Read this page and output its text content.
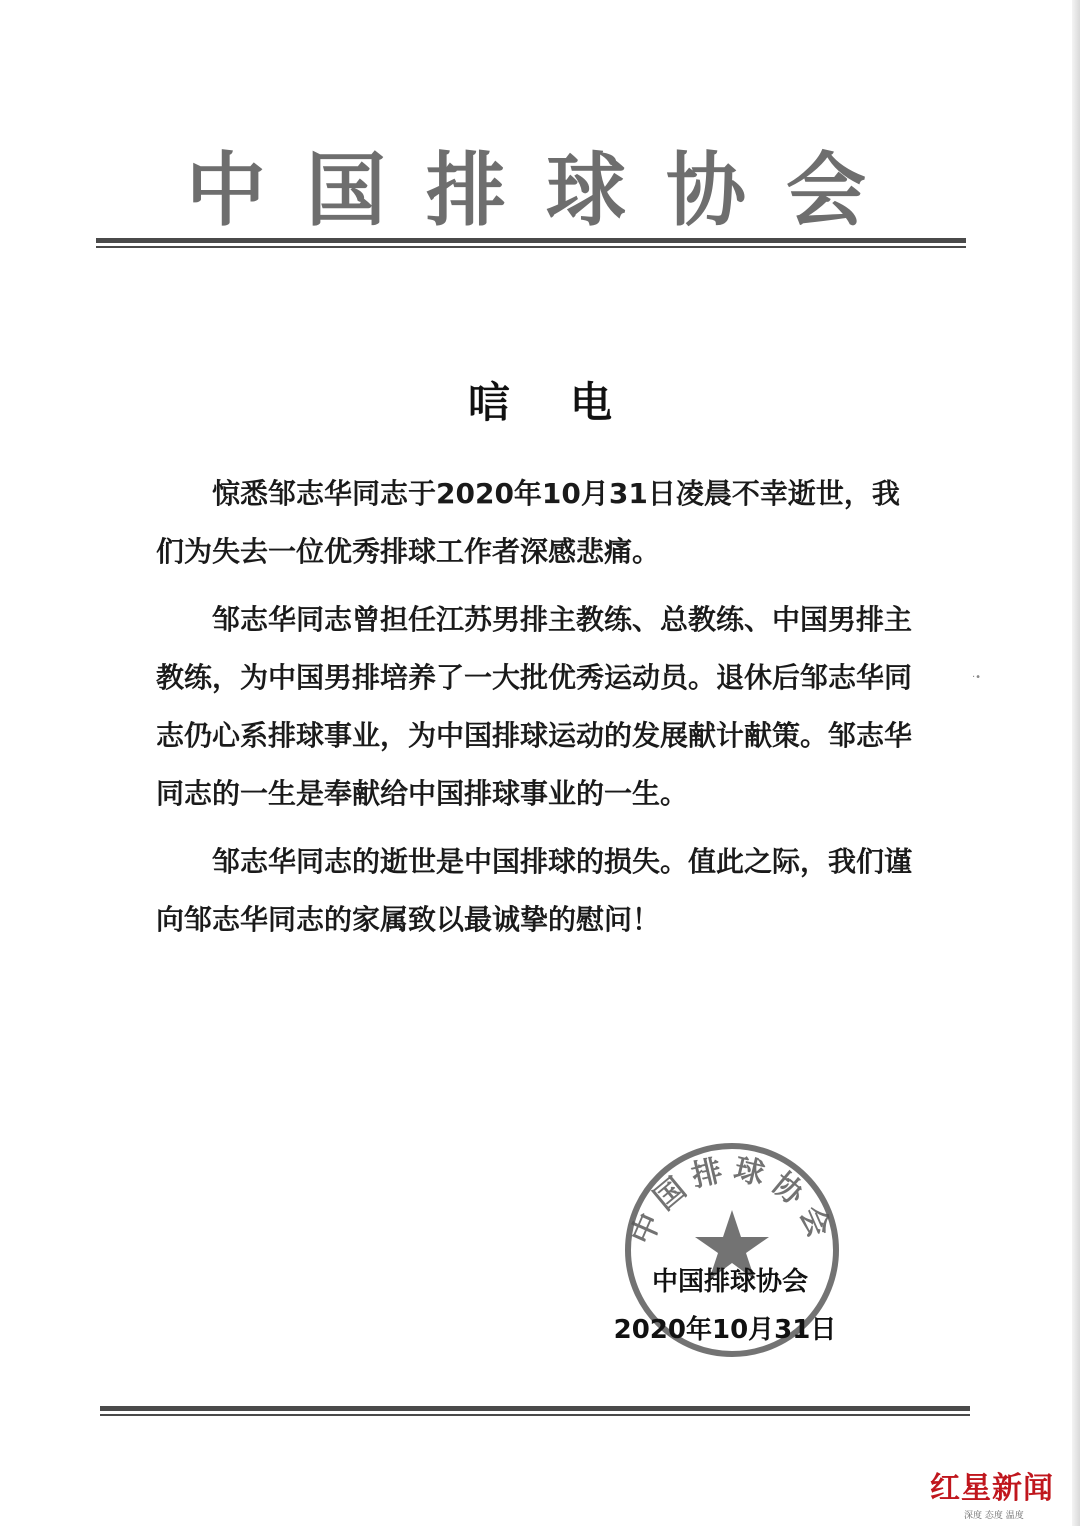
中 国 排 球 协 会
唁电

惊悉邹志华同志于2020年10月31日凌晨不幸逝世，我们为失去一位优秀排球工作者深感悲痛。

邹志华同志曾担任江苏男排主教练、总教练、中国男排主教练，为中国男排培养了一大批优秀运动员。退休后邹志华同志仍心系排球事业，为中国排球运动的发展献计献策。邹志华同志的一生是奉献给中国排球事业的一生。

邹志华同志的逝世是中国排球的损失。值此之际，我们谨向邹志华同志的家属致以最诚挚的慰问！

·•
中国排球协会
中国排球协会
2020年10月31日
红星新闻
深度 态度 温度
